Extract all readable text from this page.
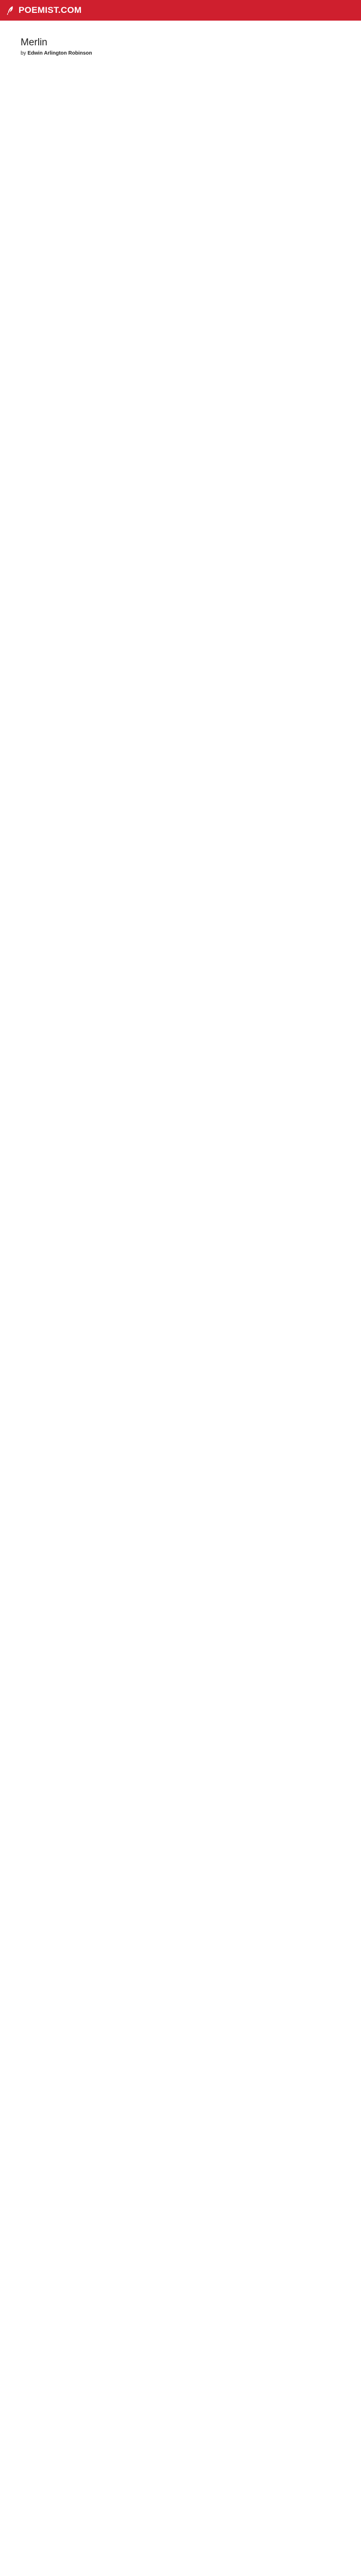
POEMIST.COM
Merlin
by Edwin Arlington Robinson
